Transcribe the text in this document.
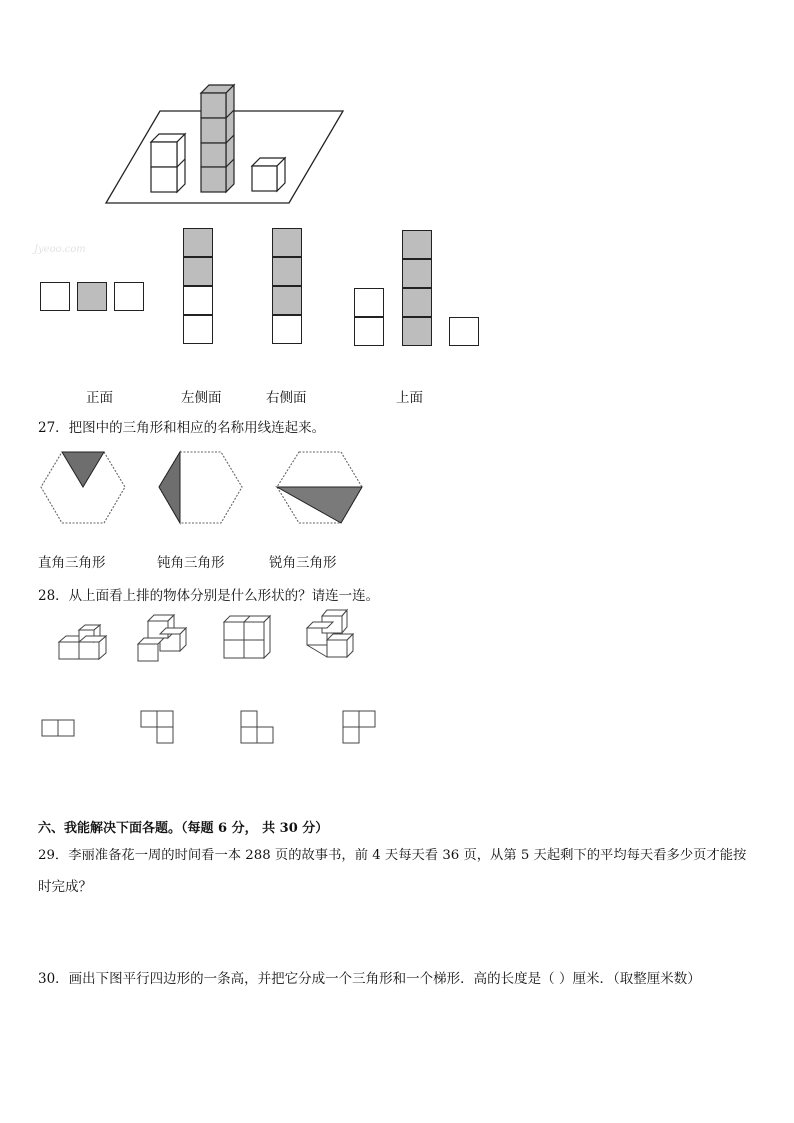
Jyeoo.com
正面	左侧面	右侧面	上面
27．把图中的三角形和相应的名称用线连起来。
直角三角形	钝角三角形	锐角三角形
28．从上面看上排的物体分别是什么形状的？请连一连。
六、我能解决下面各题。（每题 6 分， 共 30 分）
29．李丽准备花一周的时间看一本 288 页的故事书，前 4 天每天看 36 页，从第 5 天起剩下的平均每天看多少页才能按
时完成？
30．画出下图平行四边形的一条高，并把它分成一个三角形和一个梯形．高的长度是（ ）厘米．（取整厘米数）
